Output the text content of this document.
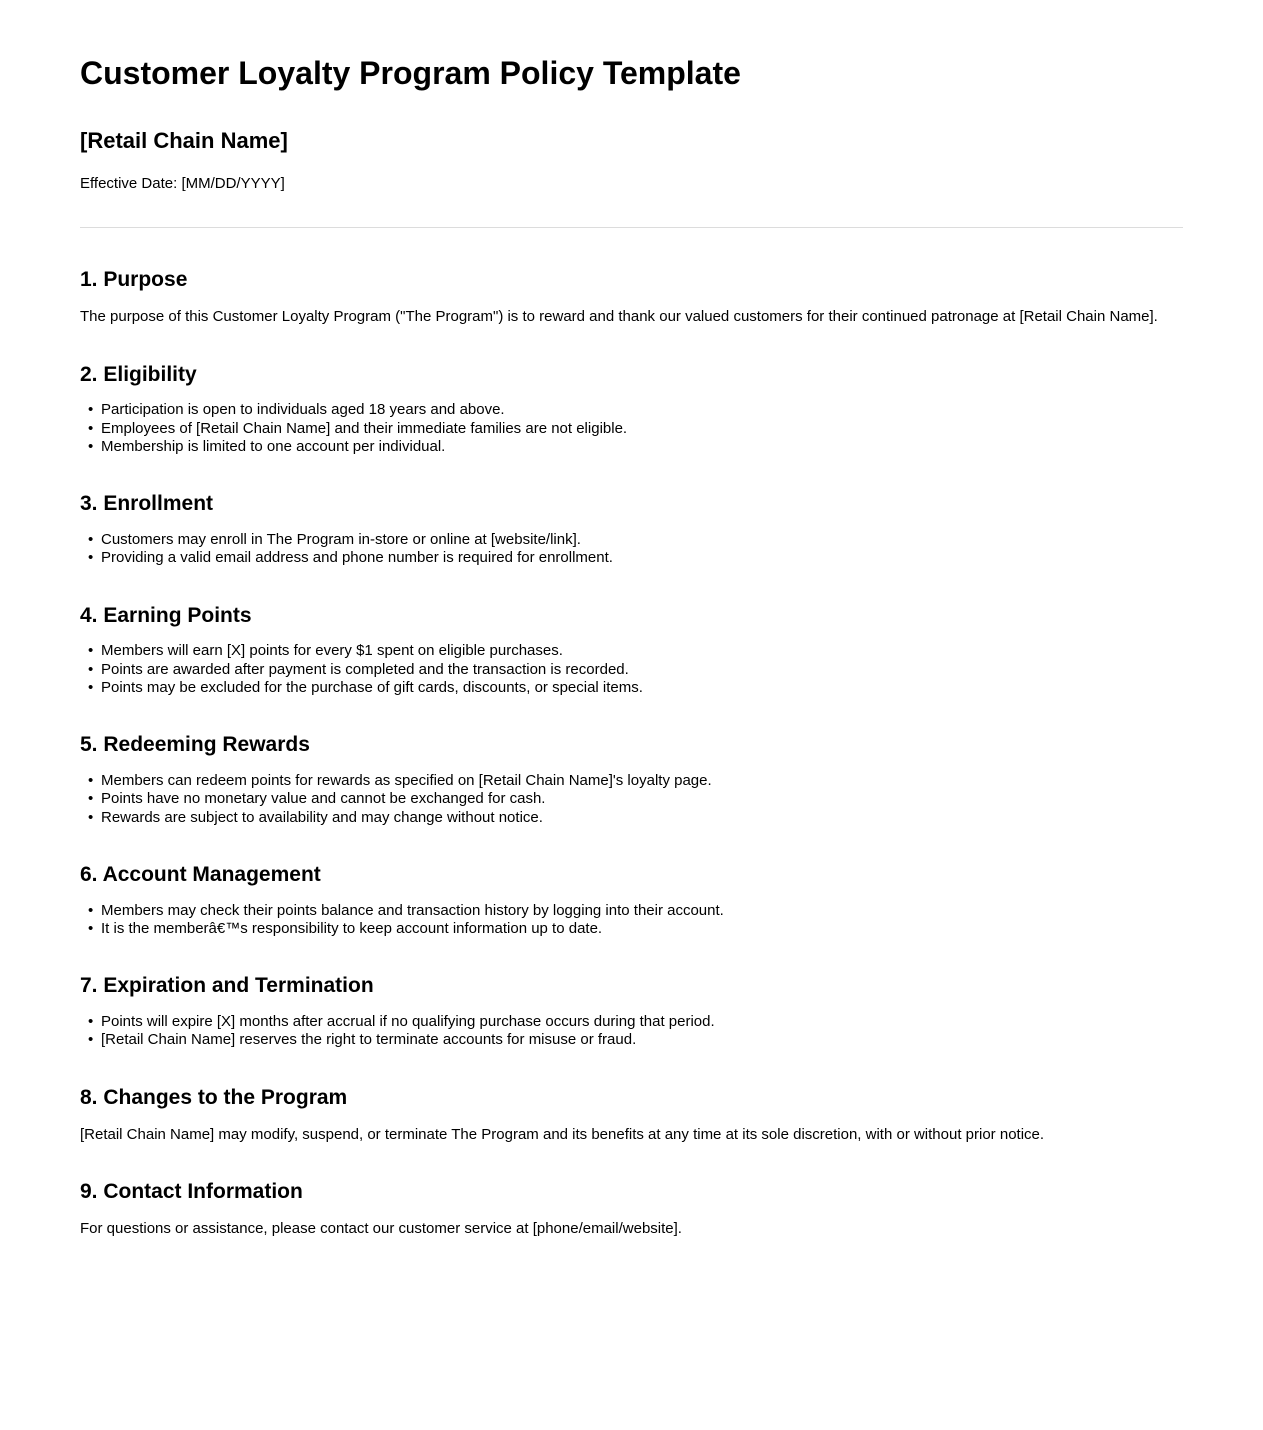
Customer Loyalty Program Policy Template
[Retail Chain Name]

Effective Date: [MM/DD/YYYY]

1. Purpose

The purpose of this Customer Loyalty Program ("The Program") is to reward and thank our valued customers for their continued patronage at [Retail Chain Name].

2. Eligibility
• Participation is open to individuals aged 18 years and above.
• Employees of [Retail Chain Name] and their immediate families are not eligible.
• Membership is limited to one account per individual.
3. Enrollment
• Customers may enroll in The Program in-store or online at [website/link].
• Providing a valid email address and phone number is required for enrollment.
4. Earning Points
• Members will earn [X] points for every $1 spent on eligible purchases.
• Points are awarded after payment is completed and the transaction is recorded.
• Points may be excluded for the purchase of gift cards, discounts, or special items.
5. Redeeming Rewards
• Members can redeem points for rewards as specified on [Retail Chain Name]'s loyalty page.
• Points have no monetary value and cannot be exchanged for cash.
• Rewards are subject to availability and may change without notice.
6. Account Management
• Members may check their points balance and transaction history by logging into their account.
• It is the memberâ€™s responsibility to keep account information up to date.
7. Expiration and Termination
• Points will expire [X] months after accrual if no qualifying purchase occurs during that period.
• [Retail Chain Name] reserves the right to terminate accounts for misuse or fraud.
8. Changes to the Program

[Retail Chain Name] may modify, suspend, or terminate The Program and its benefits at any time at its sole discretion, with or without prior notice.

9. Contact Information

For questions or assistance, please contact our customer service at [phone/email/website].
